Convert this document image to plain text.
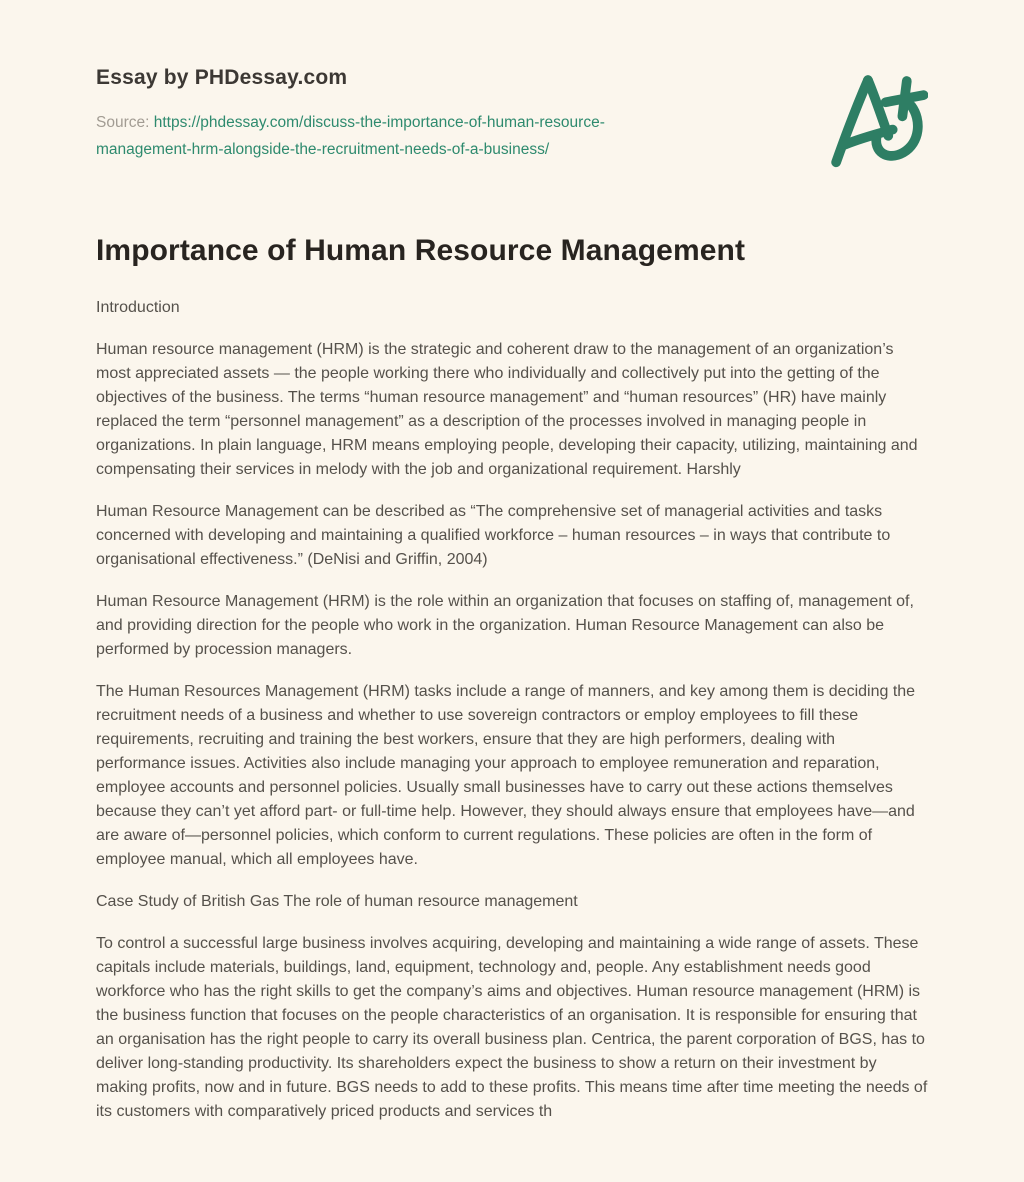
Essay by PHDessay.com
Source: https://phdessay.com/discuss-the-importance-of-human-resource-management-hrm-alongside-the-recruitment-needs-of-a-business/
Importance of Human Resource Management

Introduction

Human resource management (HRM) is the strategic and coherent draw to the management of an organization’s most appreciated assets — the people working there who individually and collectively put into the getting of the objectives of the business. The terms “human resource management” and “human resources” (HR) have mainly replaced the term “personnel management” as a description of the processes involved in managing people in organizations. In plain language, HRM means employing people, developing their capacity, utilizing, maintaining and compensating their services in melody with the job and organizational requirement. Harshly

Human Resource Management can be described as “The comprehensive set of managerial activities and tasks concerned with developing and maintaining a qualified workforce – human resources – in ways that contribute to organisational effectiveness.” (DeNisi and Griffin, 2004)

Human Resource Management (HRM) is the role within an organization that focuses on staffing of, management of, and providing direction for the people who work in the organization. Human Resource Management can also be performed by procession managers.

The Human Resources Management (HRM) tasks include a range of manners, and key among them is deciding the recruitment needs of a business and whether to use sovereign contractors or employ employees to fill these requirements, recruiting and training the best workers, ensure that they are high performers, dealing with performance issues. Activities also include managing your approach to employee remuneration and reparation, employee accounts and personnel policies. Usually small businesses have to carry out these actions themselves because they can’t yet afford part- or full-time help. However, they should always ensure that employees have—and are aware of—personnel policies, which conform to current regulations. These policies are often in the form of employee manual, which all employees have.

Case Study of British Gas The role of human resource management

To control a successful large business involves acquiring, developing and maintaining a wide range of assets. These capitals include materials, buildings, land, equipment, technology and, people. Any establishment needs good workforce who has the right skills to get the company’s aims and objectives. Human resource management (HRM) is the business function that focuses on the people characteristics of an organisation. It is responsible for ensuring that an organisation has the right people to carry its overall business plan. Centrica, the parent corporation of BGS, has to deliver long-standing productivity. Its shareholders expect the business to show a return on their investment by making profits, now and in future. BGS needs to add to these profits. This means time after time meeting the needs of its customers with comparatively priced products and services th
